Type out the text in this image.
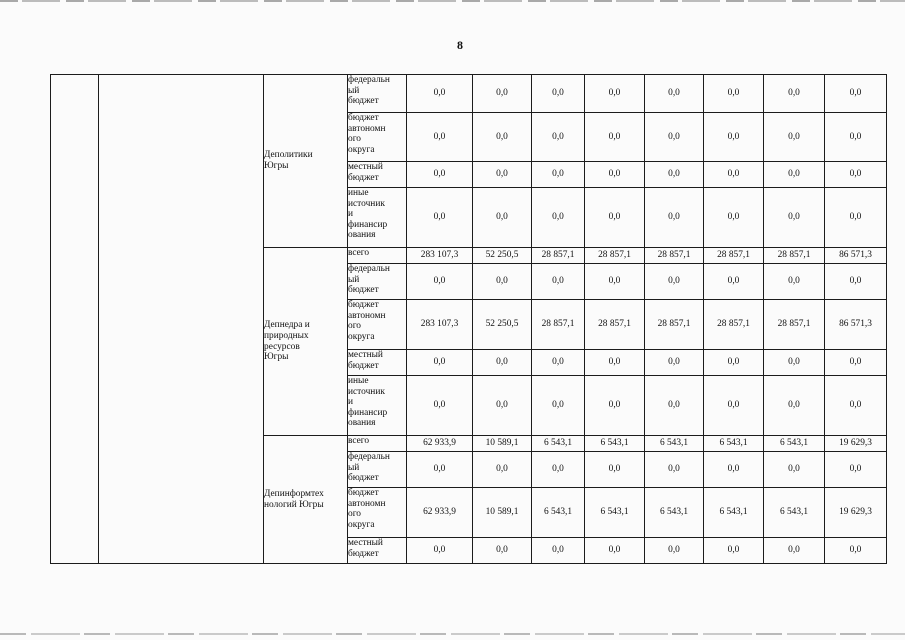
8

		Деполитики
Югры	федеральн
ый
бюджет	0,0	0,0	0,0	0,0	0,0	0,0	0,0	0,0
			бюджет
автономн
ого
округа	0,0	0,0	0,0	0,0	0,0	0,0	0,0	0,0
			местный
бюджет	0,0	0,0	0,0	0,0	0,0	0,0	0,0	0,0
			иные
источник
и
финансир
ования	0,0	0,0	0,0	0,0	0,0	0,0	0,0	0,0

		Депнедра и
природных
ресурсов
Югры	всего	283 107,3	52 250,5	28 857,1	28 857,1	28 857,1	28 857,1	28 857,1	86 571,3
			федеральн
ый
бюджет	0,0	0,0	0,0	0,0	0,0	0,0	0,0	0,0
			бюджет
автономн
ого
округа	283 107,3	52 250,5	28 857,1	28 857,1	28 857,1	28 857,1	28 857,1	86 571,3
			местный
бюджет	0,0	0,0	0,0	0,0	0,0	0,0	0,0	0,0
			иные
источник
и
финансир
ования	0,0	0,0	0,0	0,0	0,0	0,0	0,0	0,0

		Депинформтех
нологий Югры	всего	62 933,9	10 589,1	6 543,1	6 543,1	6 543,1	6 543,1	6 543,1	19 629,3
			федеральн
ый
бюджет	0,0	0,0	0,0	0,0	0,0	0,0	0,0	0,0
			бюджет
автономн
ого
округа	62 933,9	10 589,1	6 543,1	6 543,1	6 543,1	6 543,1	6 543,1	19 629,3
			местный
бюджет	0,0	0,0	0,0	0,0	0,0	0,0	0,0	0,0
